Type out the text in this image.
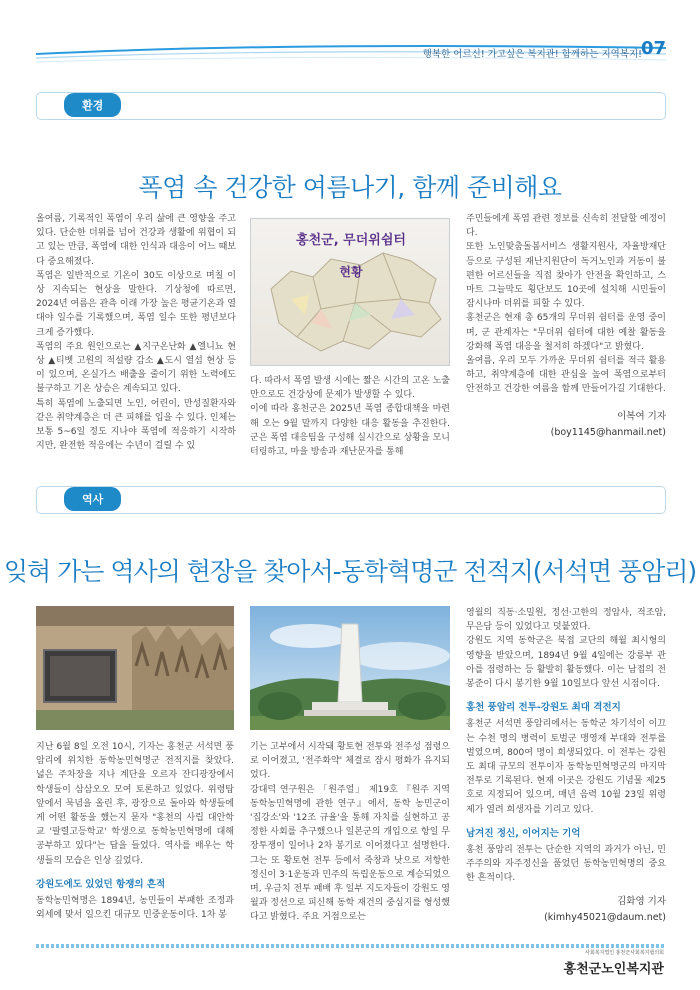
행복한 어르신! 가고싶은 복지관! 함께하는 지역복지!
07
환경
폭염 속 건강한 여름나기, 함께 준비해요

올여름, 기록적인 폭염이 우리 삶에 큰 영향을 주고 있다. 단순한 더위를 넘어 건강과 생활에 위협이 되고 있는 만큼, 폭염에 대한 인식과 대응이 어느 때보다 중요해졌다.

폭염은 일반적으로 기온이 30도 이상으로 며칠 이상 지속되는 현상을 말한다. 기상청에 따르면, 2024년 여름은 관측 이래 가장 높은 평균기온과 열대야 일수를 기록했으며, 폭염 일수 또한 평년보다 크게 증가했다.

폭염의 주요 원인으로는 ▲지구온난화 ▲엘니뇨 현상 ▲티벳 고원의 적설량 감소 ▲도시 열섬 현상 등이 있으며, 온실가스 배출을 줄이기 위한 노력에도 불구하고 기온 상승은 계속되고 있다.

특히 폭염에 노출되면 노인, 어린이, 만성질환자와 같은 취약계층은 더 큰 피해를 입을 수 있다. 인체는 보통 5~6일 정도 지나야 폭염에 적응하기 시작하지만, 완전한 적응에는 수년이 걸릴 수 있

홍천군, 무더위쉼터
현황

다. 따라서 폭염 발생 시에는 짧은 시간의 고온 노출만으로도 건강상에 문제가 발생할 수 있다.

이에 따라 홍천군은 2025년 폭염 종합대책을 마련해 오는 9월 말까지 다양한 대응 활동을 추진한다. 군은 폭염 대응팀을 구성해 실시간으로 상황을 모니터링하고, 마을 방송과 재난문자를 통해

주민들에게 폭염 관련 정보를 신속히 전달할 예정이다.

또한 노인맞춤돌봄서비스 생활지원사, 자율방재단 등으로 구성된 재난지원단이 독거노인과 거동이 불편한 어르신들을 직접 찾아가 안전을 확인하고, 스마트 그늘막도 횡단보도 10곳에 설치해 시민들이 잠시나마 더위를 피할 수 있다.

홍천군은 현재 총 65개의 무더위 쉼터를 운영 중이며, 군 관계자는 "무더위 쉼터에 대한 예찰 활동을 강화해 폭염 대응을 철저히 하겠다"고 밝혔다.

올여름, 우리 모두 가까운 무더위 쉼터를 적극 활용하고, 취약계층에 대한 관심을 높여 폭염으로부터 안전하고 건강한 여름을 함께 만들어가길 기대한다.

이복여 기자
(boy1145@hanmail.net)
역사
잊혀 가는 역사의 현장을 찾아서-동학혁명군 전적지(서석면 풍암리)

지난 6월 8일 오전 10시, 기자는 홍천군 서석면 풍암리에 위치한 동학농민혁명군 전적지를 찾았다. 넓은 주차장을 지나 계단을 오르자 잔디광장에서 학생들이 삼삼오오 모여 토론하고 있었다. 위령탑 앞에서 묵념을 올린 후, 광장으로 돌아와 학생들에게 어떤 활동을 했는지 묻자 "홍천의 사립 대안학교 '팔렬고등학교' 학생으로 동학농민혁명에 대해 공부하고 있다"는 답을 들었다. 역사를 배우는 학생들의 모습은 인상 깊었다.

강원도에도 있었던 항쟁의 흔적

동학농민혁명은 1894년, 농민들이 부패한 조정과 외세에 맞서 일으킨 대규모 민중운동이다. 1차 봉

기는 고부에서 시작돼 황토현 전투와 전주성 점령으로 이어졌고, '전주화약' 체결로 잠시 평화가 유지되었다.

강대덕 연구원은 「원주얼」 제19호 『원주 지역 동학농민혁명에 관한 연구』에서, 동학 농민군이 '집강소'와 '12조 규율'을 통해 자치를 실현하고 공정한 사회를 추구했으나 일본군의 개입으로 항일 무장투쟁이 일어나 2차 봉기로 이어졌다고 설명한다. 그는 또 황토현 전투 등에서 죽창과 낫으로 저항한 정신이 3·1운동과 민주의 독립운동으로 계승되었으며, 우금치 전투 패배 후 일부 지도자들이 강원도 영월과 정선으로 피신해 동학 재건의 중심지를 형성했다고 밝혔다. 주요 거점으로는

영월의 직동·소밀원, 정선·고한의 정암사, 적조암, 무은담 등이 있었다고 덧붙였다.

강원도 지역 동학군은 북접 교단의 해월 최시형의 영향을 받았으며, 1894년 9월 4일에는 강릉부 관아를 점령하는 등 활발히 활동했다. 이는 남접의 전봉준이 다시 봉기한 9월 10일보다 앞선 시점이다.

홍천 풍암리 전투-강원도 최대 격전지

홍천군 서석면 풍암리에서는 동학군 차기석이 이끄는 수천 명의 병력이 토벌군 맹영재 부대와 전투를 벌였으며, 800여 명이 희생되었다. 이 전투는 강원도 최대 규모의 전투이자 동학농민혁명군의 마지막 전투로 기록된다. 현재 이곳은 강원도 기념물 제25호로 지정되어 있으며, 매년 음력 10월 23일 위령제가 열려 희생자를 기리고 있다.

남겨진 정신, 이어지는 기억

홍천 풍암리 전투는 단순한 지역의 과거가 아닌, 민주주의와 자주정신을 품었던 동학농민혁명의 중요한 흔적이다.

김화영 기자
(kimhy45021@daum.net)
사회복지법인 홍천군사회복지협의회
홍천군노인복지관
